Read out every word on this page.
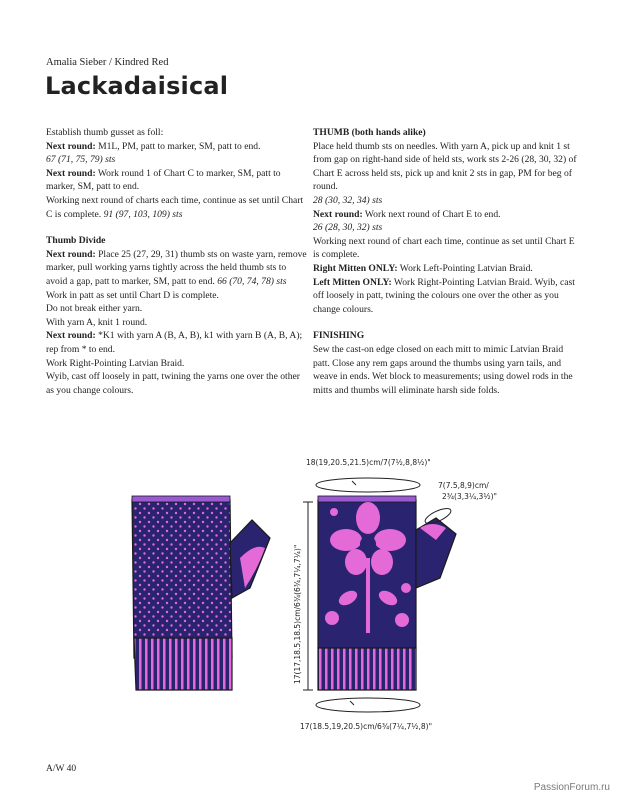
Amalia Sieber / Kindred Red
Lackadaisical

Establish thumb gusset as foll:

Next round: M1L, PM, patt to marker, SM, patt to end.

67 (71, 75, 79) sts

Next round: Work round 1 of Chart C to marker, SM, patt to marker, SM, patt to end.

Working next round of charts each time, continue as set until Chart C is complete. 91 (97, 103, 109) sts

Thumb Divide

Next round: Place 25 (27, 29, 31) thumb sts on waste yarn, remove marker, pull working yarns tightly across the held thumb sts to avoid a gap, patt to marker, SM, patt to end. 66 (70, 74, 78) sts

Work in patt as set until Chart D is complete.

Do not break either yarn.

With yarn A, knit 1 round.

Next round: *K1 with yarn A (B, A, B), k1 with yarn B (A, B, A); rep from * to end.

Work Right-Pointing Latvian Braid.

Wyib, cast off loosely in patt, twining the yarns one over the other as you change colours.

THUMB (both hands alike)

Place held thumb sts on needles. With yarn A, pick up and knit 1 st from gap on right-hand side of held sts, work sts 2-26 (28, 30, 32) of Chart E across held sts, pick up and knit 2 sts in gap, PM for beg of round.

28 (30, 32, 34) sts

Next round: Work next round of Chart E to end.

26 (28, 30, 32) sts

Working next round of chart each time, continue as set until Chart E is complete.

Right Mitten ONLY: Work Left-Pointing Latvian Braid.

Left Mitten ONLY: Work Right-Pointing Latvian Braid. Wyib, cast off loosely in patt, twining the colours one over the other as you change colours.

FINISHING

Sew the cast-on edge closed on each mitt to mimic Latvian Braid patt. Close any rem gaps around the thumbs using yarn tails, and weave in ends. Wet block to measurements; using dowel rods in the mitts and thumbs will eliminate harsh side folds.

18(19,20.5,21.5)cm/7(7½,8,8½)"
7(7.5,8,9)cm/
2¾(3,3¼,3½)"
17(17,18.5,18.5)cm/6¾(6¾,7¼,7¼)"
17(18.5,19,20.5)cm/6¾(7¼,7½,8)"
A/W 40
PassionForum.ru
